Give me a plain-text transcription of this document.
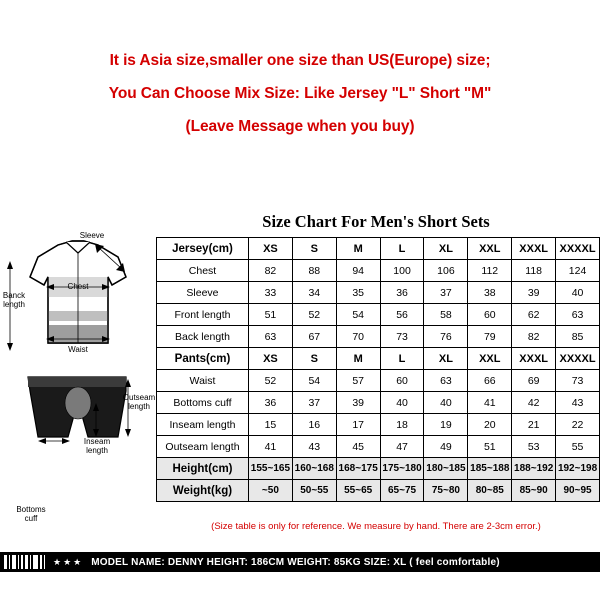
It is Asia size,smaller one size than US(Europe) size;
You Can Choose Mix Size: Like Jersey "L" Short "M"
(Leave Message when you buy)
Sleeve
Chest
Banck length
Waist
Outseam length
Inseam length
Bottoms cuff
Size Chart For Men's Short Sets
Jersey(cm)	XS	S	M	L	XL	XXL	XXXL	XXXXL
Chest	82	88	94	100	106	112	118	124
Sleeve	33	34	35	36	37	38	39	40
Front length	51	52	54	56	58	60	62	63
Back length	63	67	70	73	76	79	82	85
Pants(cm)	XS	S	M	L	XL	XXL	XXXL	XXXXL
Waist	52	54	57	60	63	66	69	73
Bottoms cuff	36	37	39	40	40	41	42	43
Inseam length	15	16	17	18	19	20	21	22
Outseam length	41	43	45	47	49	51	53	55
Height(cm)	155~165	160~168	168~175	175~180	180~185	185~188	188~192	192~198
Weight(kg)	~50	50~55	55~65	65~75	75~80	80~85	85~90	90~95
(Size table is only for reference. We measure by hand. There are 2-3cm error.)
★★★ MODEL NAME: DENNY HEIGHT: 186CM WEIGHT: 85KG SIZE: XL ( feel comfortable)
